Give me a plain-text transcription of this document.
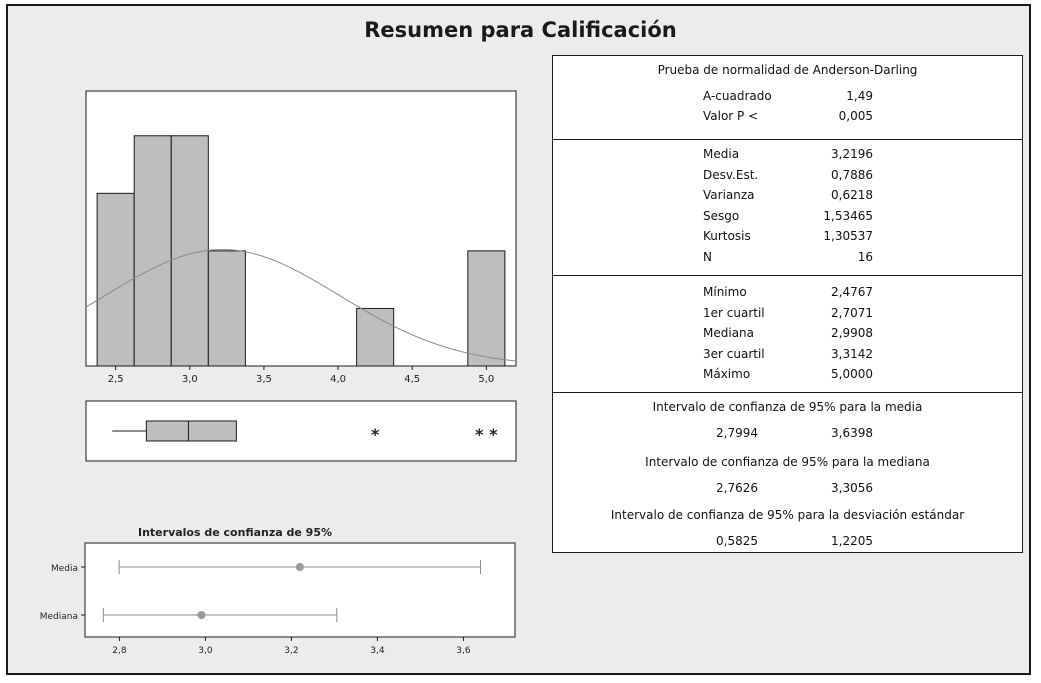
Resumen para Calificación
2,5	3,0	3,5	4,0	4,5	5,0
*	* *
Intervalos de confianza de 95%
Media
Mediana
2,8	3,0	3,2	3,4	3,6
Prueba de normalidad de Anderson-Darling
A-cuadrado	1,49
Valor P <	0,005
Media	3,2196
Desv.Est.	0,7886
Varianza	0,6218
Sesgo	1,53465
Kurtosis	1,30537
N	16
Mínimo	2,4767
1er cuartil	2,7071
Mediana	2,9908
3er cuartil	3,3142
Máximo	5,0000
Intervalo de confianza de 95% para la media
2,7994	3,6398
Intervalo de confianza de 95% para la mediana
2,7626	3,3056
Intervalo de confianza de 95% para la desviación estándar
0,5825	1,2205
